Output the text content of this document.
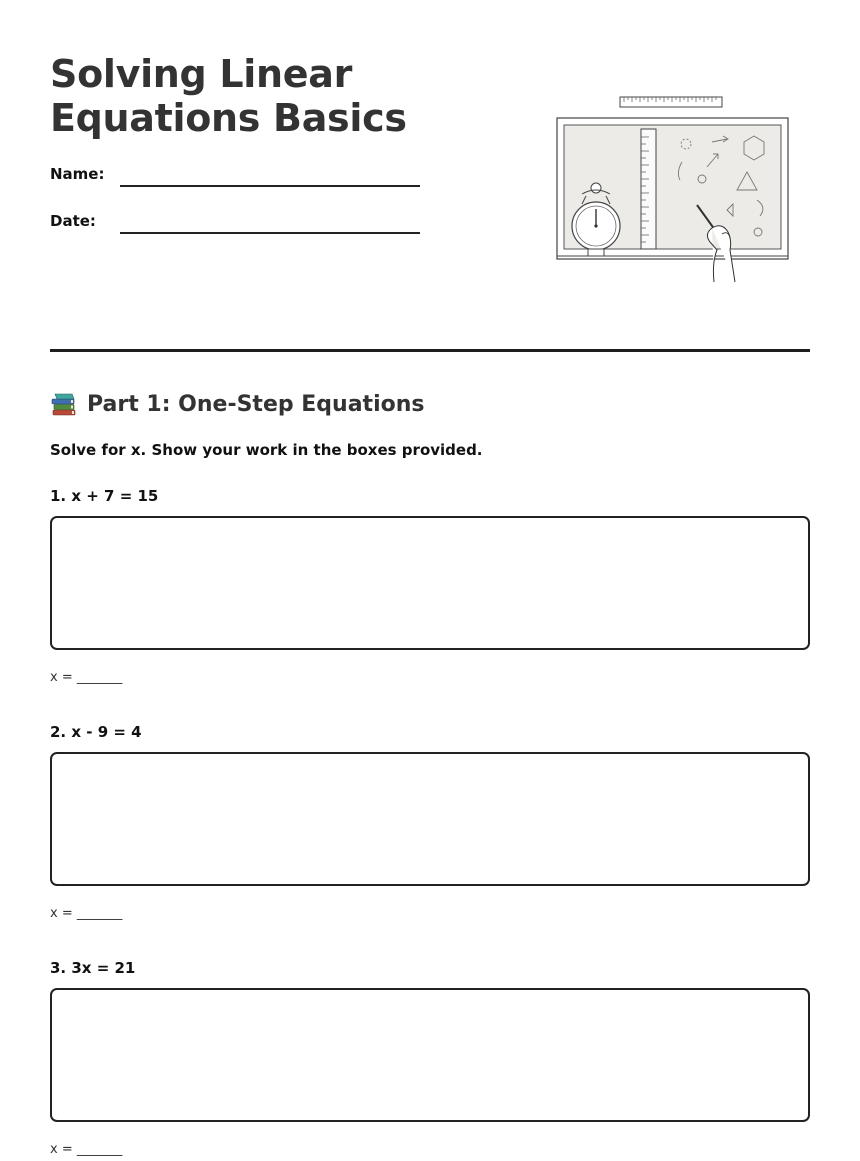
Solving Linear Equations Basics
Name:
Date:
Part 1: One-Step Equations
Solve for x. Show your work in the boxes provided.
1. x + 7 = 15
x = _______
2. x - 9 = 4
x = _______
3. 3x = 21
x = _______
